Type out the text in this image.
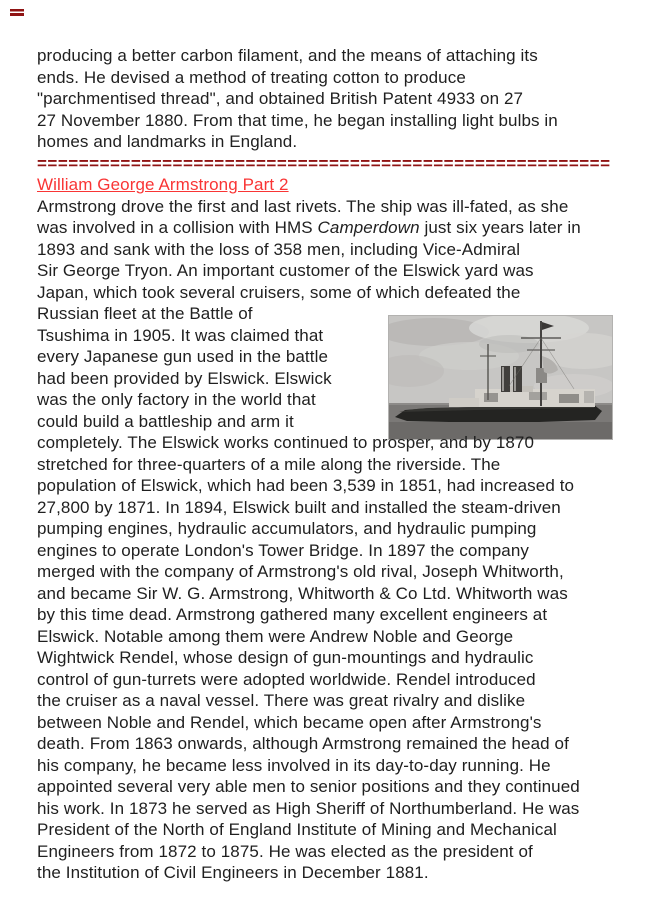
producing a better carbon filament, and the means of attaching its
ends. He devised a method of treating cotton to produce
"parchmentised thread", and obtained British Patent 4933 on 27
27 November 1880. From that time, he began installing light bulbs in
homes and landmarks in England.
=======================================================
William George Armstrong Part 2
Armstrong drove the first and last rivets. The ship was ill-fated, as she
was involved in a collision with HMS Camperdown just six years later in
1893 and sank with the loss of 358 men, including Vice-Admiral
Sir George Tryon. An important customer of the Elswick yard was
Japan, which took several cruisers, some of which defeated the
Russian fleet at the Battle of
Tsushima in 1905. It was claimed that
every Japanese gun used in the battle
had been provided by Elswick. Elswick
was the only factory in the world that
could build a battleship and arm it
completely. The Elswick works continued to prosper, and by 1870
stretched for three-quarters of a mile along the riverside. The
population of Elswick, which had been 3,539 in 1851, had increased to
27,800 by 1871. In 1894, Elswick built and installed the steam-driven
pumping engines, hydraulic accumulators, and hydraulic pumping
engines to operate London's Tower Bridge. In 1897 the company
merged with the company of Armstrong's old rival, Joseph Whitworth,
and became Sir W. G. Armstrong, Whitworth & Co Ltd. Whitworth was
by this time dead. Armstrong gathered many excellent engineers at
Elswick. Notable among them were Andrew Noble and George
Wightwick Rendel, whose design of gun-mountings and hydraulic
control of gun-turrets were adopted worldwide. Rendel introduced
the cruiser as a naval vessel. There was great rivalry and dislike
between Noble and Rendel, which became open after Armstrong's
death. From 1863 onwards, although Armstrong remained the head of
his company, he became less involved in its day-to-day running. He
appointed several very able men to senior positions and they continued
his work. In 1873 he served as High Sheriff of Northumberland. He was
President of the North of England Institute of Mining and Mechanical
Engineers from 1872 to 1875. He was elected as the president of
the Institution of Civil Engineers in December 1881.
